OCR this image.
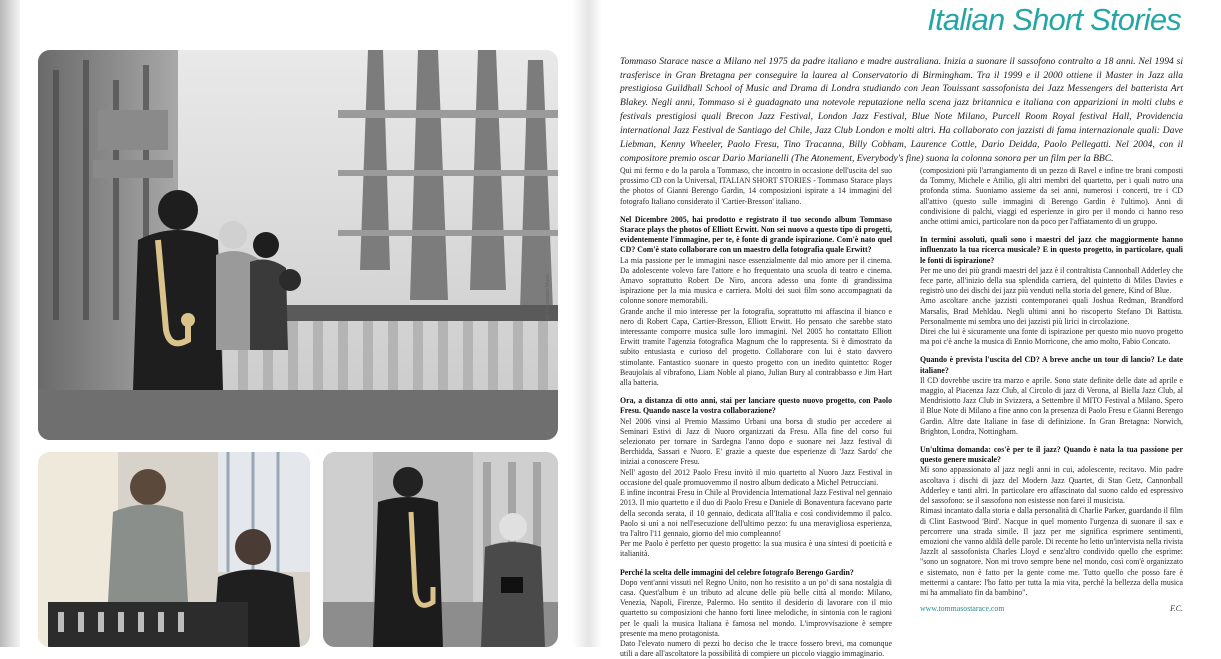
ph. Francesco Mauri
Italian Short Stories

Tommaso Starace nasce a Milano nel 1975 da padre italiano e madre australiana. Inizia a suonare il sassofono contralto a 18 anni. Nel 1994 si trasferisce in Gran Bretagna per conseguire la laurea al Conservatorio di Birmingham. Tra il 1999 e il 2000 ottiene il Master in Jazz alla prestigiosa Guildhall School of Music and Drama di Londra studiando con Jean Touissant sassofonista dei Jazz Messengers del batterista Art Blakey. Negli anni, Tommaso si è guadagnato una notevole reputazione nella scena jazz britannica e italiana con apparizioni in molti clubs e festivals prestigiosi quali Brecon Jazz Festival, London Jazz Festival, Blue Note Milano, Purcell Room Royal festival Hall, Providencia international Jazz Festival de Santiago del Chile, Jazz Club London e molti altri. Ha collaborato con jazzisti di fama internazionale quali: Dave Liebman, Kenny Wheeler, Paolo Fresu, Tino Tracanna, Billy Cobham, Laurence Cottle, Dario Deidda, Paolo Pellegatti. Nel 2004, con il compositore premio oscar Dario Marianelli (The Atonement, Everybody's fine) suona la colonna sonora per un film per la BBC.

Qui mi fermo e do la parola a Tommaso, che incontro in occasione dell'uscita del suo prossimo CD con la Universal, ITALIAN SHORT STORIES - Tommaso Starace plays the photos of Gianni Berengo Gardin, 14 composizioni ispirate a 14 immagini del fotografo Italiano considerato il 'Cartier-Bresson' italiano.

Nel Dicembre 2005, hai prodotto e registrato il tuo secondo album Tommaso Starace plays the photos of Elliott Erwitt. Non sei nuovo a questo tipo di progetti, evidentemente l'immagine, per te, è fonte di grande ispirazione. Com'è nato quel CD? Com'è stato collaborare con un maestro della fotografia quale Erwitt?

La mia passione per le immagini nasce essenzialmente dal mio amore per il cinema. Da adolescente volevo fare l'attore e ho frequentato una scuola di teatro e cinema. Amavo soprattutto Robert De Niro, ancora adesso una fonte di grandissima ispirazione per la mia musica e carriera. Molti dei suoi film sono accompagnati da colonne sonore memorabili.

Grande anche il mio interesse per la fotografia, soprattutto mi affascina il bianco e nero di Robert Capa, Cartier-Bresson, Elliott Erwitt. Ho pensato che sarebbe stato interessante comporre musica sulle loro immagini. Nel 2005 ho contattato Elliott Erwitt tramite l'agenzia fotografica Magnum che lo rappresenta. Si è dimostrato da subito entusiasta e curioso del progetto. Collaborare con lui è stato davvero stimolante. Fantastico suonare in questo progetto con un inedito quintetto: Roger Beaujolais al vibrafono, Liam Noble al piano, Julian Bury al contrabbasso e Jim Hart alla batteria.

Ora, a distanza di otto anni, stai per lanciare questo nuovo progetto, con Paolo Fresu. Quando nasce la vostra collaborazione?

Nel 2006 vinsi al Premio Massimo Urbani una borsa di studio per accedere ai Seminari Estivi di Jazz di Nuoro organizzati da Fresu. Alla fine del corso fui selezionato per tornare in Sardegna l'anno dopo e suonare nei Jazz festival di Berchidda, Sassari e Nuoro. E' grazie a queste due esperienze di 'Jazz Sardo' che iniziai a conoscere Fresu.

Nell' agosto del 2012 Paolo Fresu invitò il mio quartetto al Nuoro Jazz Festival in occasione del quale promuovemmo il nostro album dedicato a Michel Petrucciani.

E infine incontrai Fresu in Chile al Providencia International Jazz Festival nel gennaio 2013. Il mio quartetto e il duo di Paolo Fresu e Daniele di Bonaventura facevano parte della seconda serata, il 10 gennaio, dedicata all'Italia e così condividemmo il palco. Paolo si unì a noi nell'esecuzione dell'ultimo pezzo: fu una meravigliosa esperienza, tra l'altro l'11 gennaio, giorno del mio compleanno!

Per me Paolo è perfetto per questo progetto: la sua musica è una sintesi di poeticità e italianità.

Perché la scelta delle immagini del celebre fotografo Berengo Gardin?

Dopo vent'anni vissuti nel Regno Unito, non ho resistito a un po' di sana nostalgia di casa. Quest'album è un tributo ad alcune delle più belle città al mondo: Milano, Venezia, Napoli, Firenze, Palermo. Ho sentito il desiderio di lavorare con il mio quartetto su composizioni che hanno forti linee melodiche, in sintonia con le ragioni per le quali la musica Italiana è famosa nel mondo. L'improvvisazione è sempre presente ma meno protagonista.

Dato l'elevato numero di pezzi ho deciso che le tracce fossero brevi, ma comunque utili a dare all'ascoltatore la possibilità di compiere un piccolo viaggio immaginario.

(composizioni più l'arrangiamento di un pezzo di Ravel e infine tre brani composti da Tommy, Michele e Attilio, gli altri membri del quartetto, per i quali nutro una profonda stima. Suoniamo assieme da sei anni, numerosi i concerti, tre i CD all'attivo (questo sulle immagini di Berengo Gardin è l'ultimo). Anni di condivisione di palchi, viaggi ed esperienze in giro per il mondo ci hanno reso anche ottimi amici, particolare non da poco per l'affiatamento di un gruppo.

In termini assoluti, quali sono i maestri del jazz che maggiormente hanno influenzato la tua ricerca musicale? E in questo progetto, in particolare, quali le fonti di ispirazione?

Per me uno dei più grandi maestri del jazz è il contraltista Cannonball Adderley che fece parte, all'inizio della sua splendida carriera, del quintetto di Miles Davies e registrò uno dei dischi dei jazz più venduti nella storia del genere, Kind of Blue.

Amo ascoltare anche jazzisti contemporanei quali Joshua Redman, Brandford Marsalis, Brad Mehldau. Negli ultimi anni ho riscoperto Stefano Di Battista. Personalmente mi sembra uno dei jazzisti più lirici in circolazione.

Direi che lui è sicuramente una fonte di ispirazione per questo mio nuovo progetto ma poi c'è anche la musica di Ennio Morricone, che amo molto, Fabio Concato.

Quando è prevista l'uscita del CD? A breve anche un tour di lancio? Le date italiane?

Il CD dovrebbe uscire tra marzo e aprile. Sono state definite delle date ad aprile e maggio, al Piacenza Jazz Club, al Circolo di jazz di Verona, al Biella Jazz Club, al Mendrisiotto Jazz Club in Svizzera, a Settembre il MITO Festival a Milano. Spero il Blue Note di Milano a fine anno con la presenza di Paolo Fresu e Gianni Berengo Gardin. Altre date Italiane in fase di definizione. In Gran Bretagna: Norwich, Brighton, Londra, Nottingham.

Un'ultima domanda: cos'è per te il jazz? Quando è nata la tua passione per questo genere musicale?

Mi sono appassionato al jazz negli anni in cui, adolescente, recitavo. Mio padre ascoltava i dischi di jazz del Modern Jazz Quartet, di Stan Getz, Cannonball Adderley e tanti altri. In particolare ero affascinato dal suono caldo ed espressivo del sassofono: se il sassofono non esistesse non farei il musicista.

Rimasi incantato dalla storia e dalla personalità di Charlie Parker, guardando il film di Clint Eastwood 'Bird'. Nacque in quel momento l'urgenza di suonare il sax e percorrere una strada simile. Il jazz per me significa esprimere sentimenti, emozioni che vanno aldilà delle parole. Di recente ho letto un'intervista nella rivista JazzIt al sassofonista Charles Lloyd e senz'altro condivido quello che esprime: "sono un sognatore. Non mi trovo sempre bene nel mondo, così com'è organizzato e sistemato, non è fatto per la gente come me. Tutto quello che posso fare è mettermi a cantare: l'ho fatto per tutta la mia vita, perché la bellezza della musica mi ha ammaliato fin da bambino".

www.tommasostarace.com	F.C.
